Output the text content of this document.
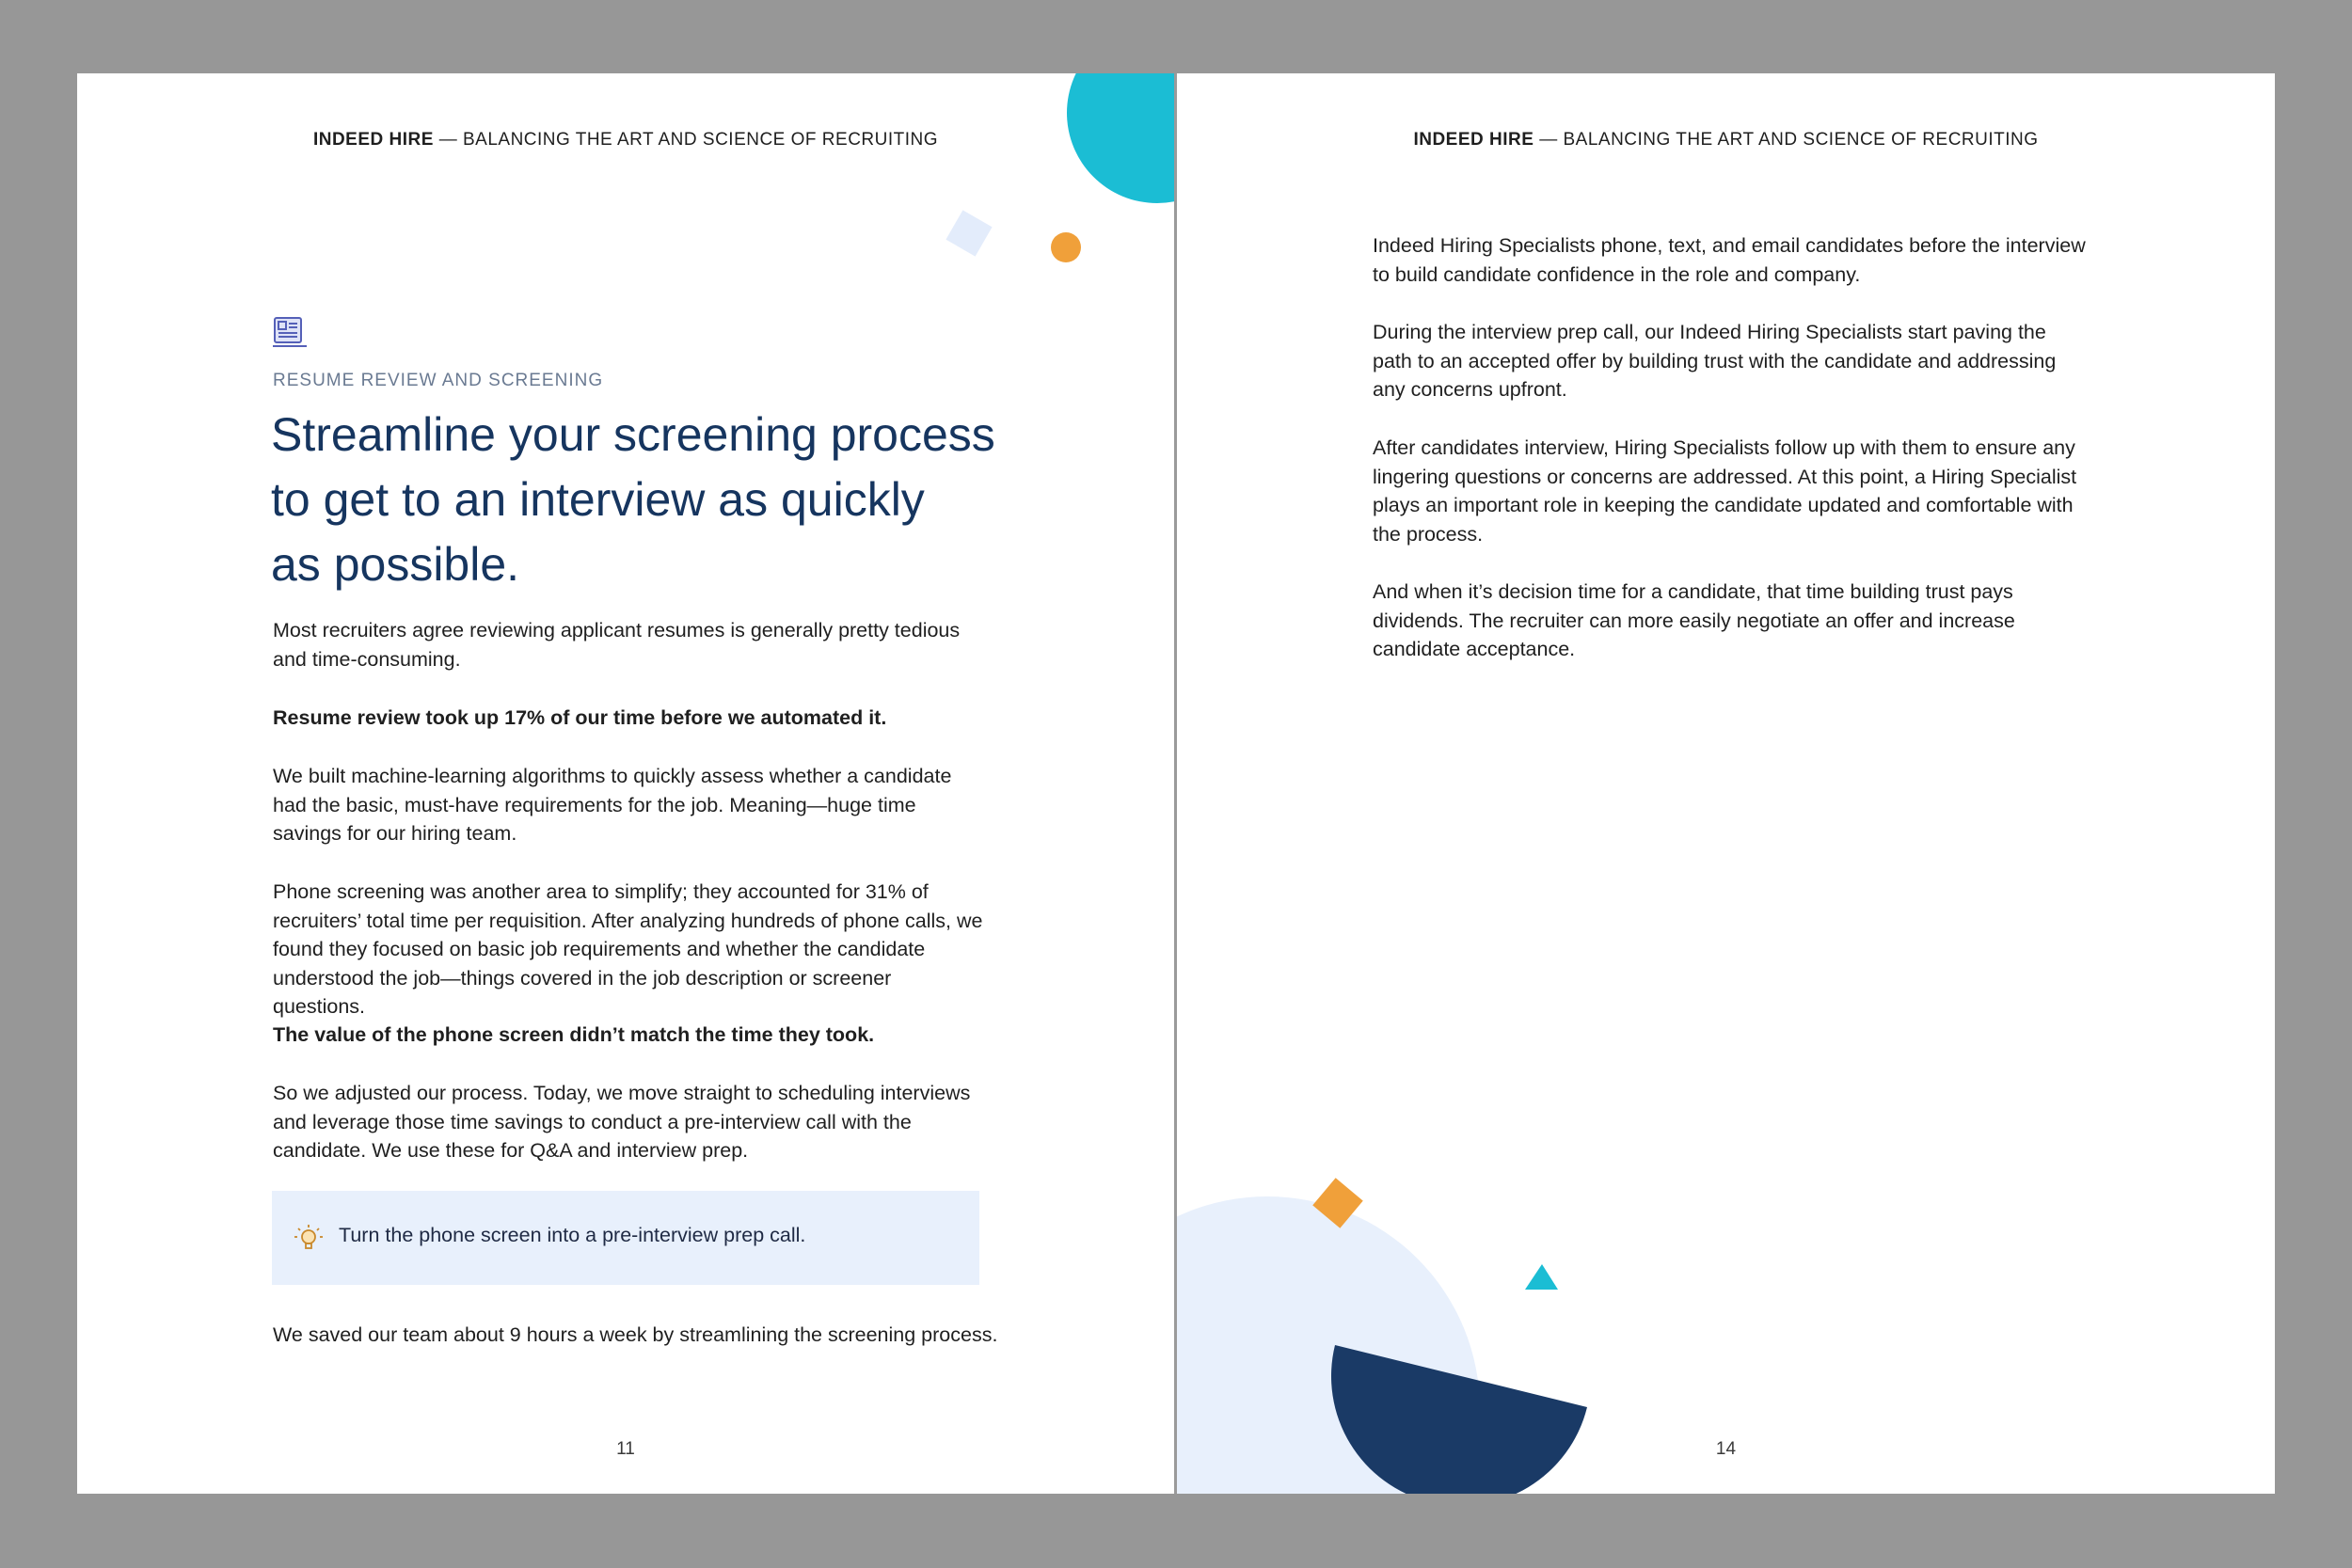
INDEED HIRE — BALANCING THE ART AND SCIENCE OF RECRUITING
RESUME REVIEW AND SCREENING
Streamline your screening process
to get to an interview as quickly
as possible.

Most recruiters agree reviewing applicant resumes is generally pretty tedious and time-consuming.

Resume review took up 17% of our time before we automated it.

We built machine-learning algorithms to quickly assess whether a candidate had the basic, must-have requirements for the job. Meaning—huge time savings for our hiring team.

Phone screening was another area to simplify; they accounted for 31% of recruiters’ total time per requisition. After analyzing hundreds of phone calls, we found they focused on basic job requirements and whether the candidate understood the job—things covered in the job description or screener questions.

The value of the phone screen didn’t match the time they took.

So we adjusted our process. Today, we move straight to scheduling interviews and leverage those time savings to conduct a pre-interview call with the candidate. We use these for Q&A and interview prep.

Turn the phone screen into a pre-interview prep call.

We saved our team about 9 hours a week by streamlining the screening process.

11
INDEED HIRE — BALANCING THE ART AND SCIENCE OF RECRUITING

Indeed Hiring Specialists phone, text, and email candidates before the interview to build candidate confidence in the role and company.

During the interview prep call, our Indeed Hiring Specialists start paving the path to an accepted offer by building trust with the candidate and addressing any concerns upfront.

After candidates interview, Hiring Specialists follow up with them to ensure any lingering questions or concerns are addressed. At this point, a Hiring Specialist plays an important role in keeping the candidate updated and comfortable with the process.

And when it’s decision time for a candidate, that time building trust pays dividends. The recruiter can more easily negotiate an offer and increase candidate acceptance.

14
